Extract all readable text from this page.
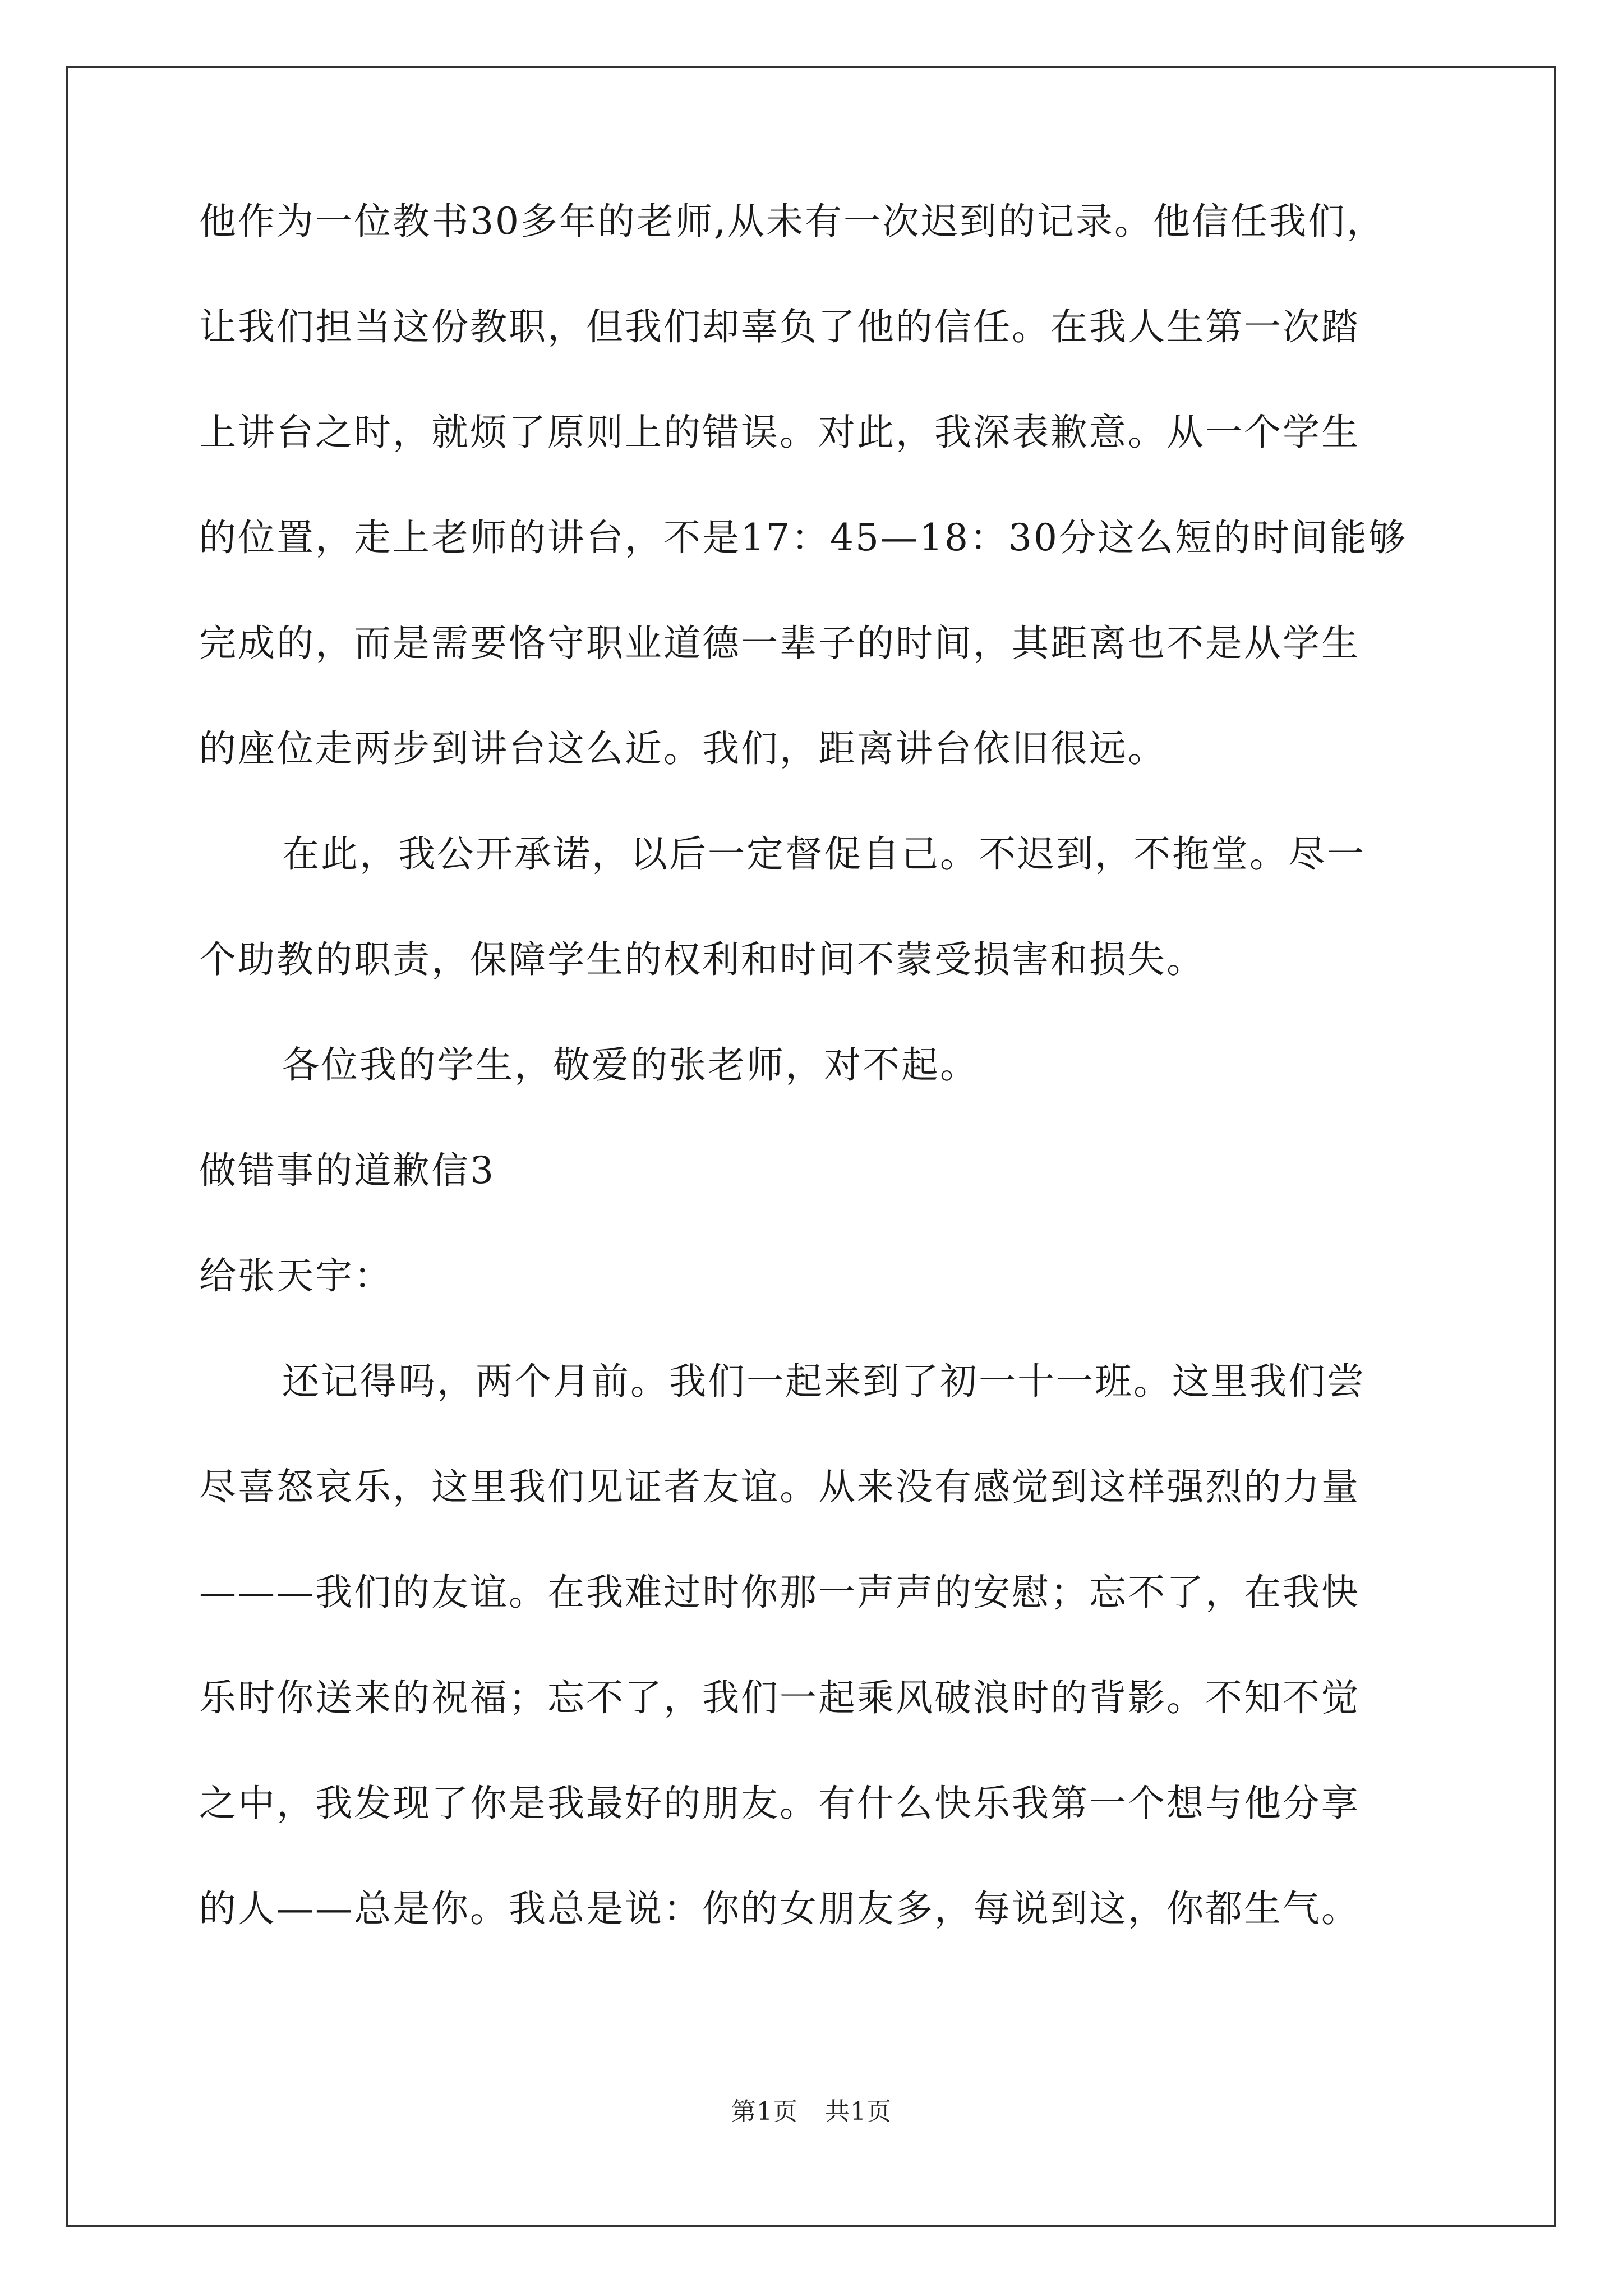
他作为一位教书30多年的老师,从未有一次迟到的记录。他信任我们，
让我们担当这份教职，但我们却辜负了他的信任。在我人生第一次踏
上讲台之时，就烦了原则上的错误。对此，我深表歉意。从一个学生
的位置，走上老师的讲台，不是17：45—18：30分这么短的时间能够
完成的，而是需要恪守职业道德一辈子的时间，其距离也不是从学生
的座位走两步到讲台这么近。我们，距离讲台依旧很远。
在此，我公开承诺，以后一定督促自己。不迟到，不拖堂。尽一
个助教的职责，保障学生的权利和时间不蒙受损害和损失。
各位我的学生，敬爱的张老师，对不起。
做错事的道歉信3
给张天宇：
还记得吗，两个月前。我们一起来到了初一十一班。这里我们尝
尽喜怒哀乐，这里我们见证者友谊。从来没有感觉到这样强烈的力量
———我们的友谊。在我难过时你那一声声的安慰；忘不了，在我快
乐时你送来的祝福；忘不了，我们一起乘风破浪时的背影。不知不觉
之中，我发现了你是我最好的朋友。有什么快乐我第一个想与他分享
的人——总是你。我总是说：你的女朋友多，每说到这，你都生气。
第1页 共1页
